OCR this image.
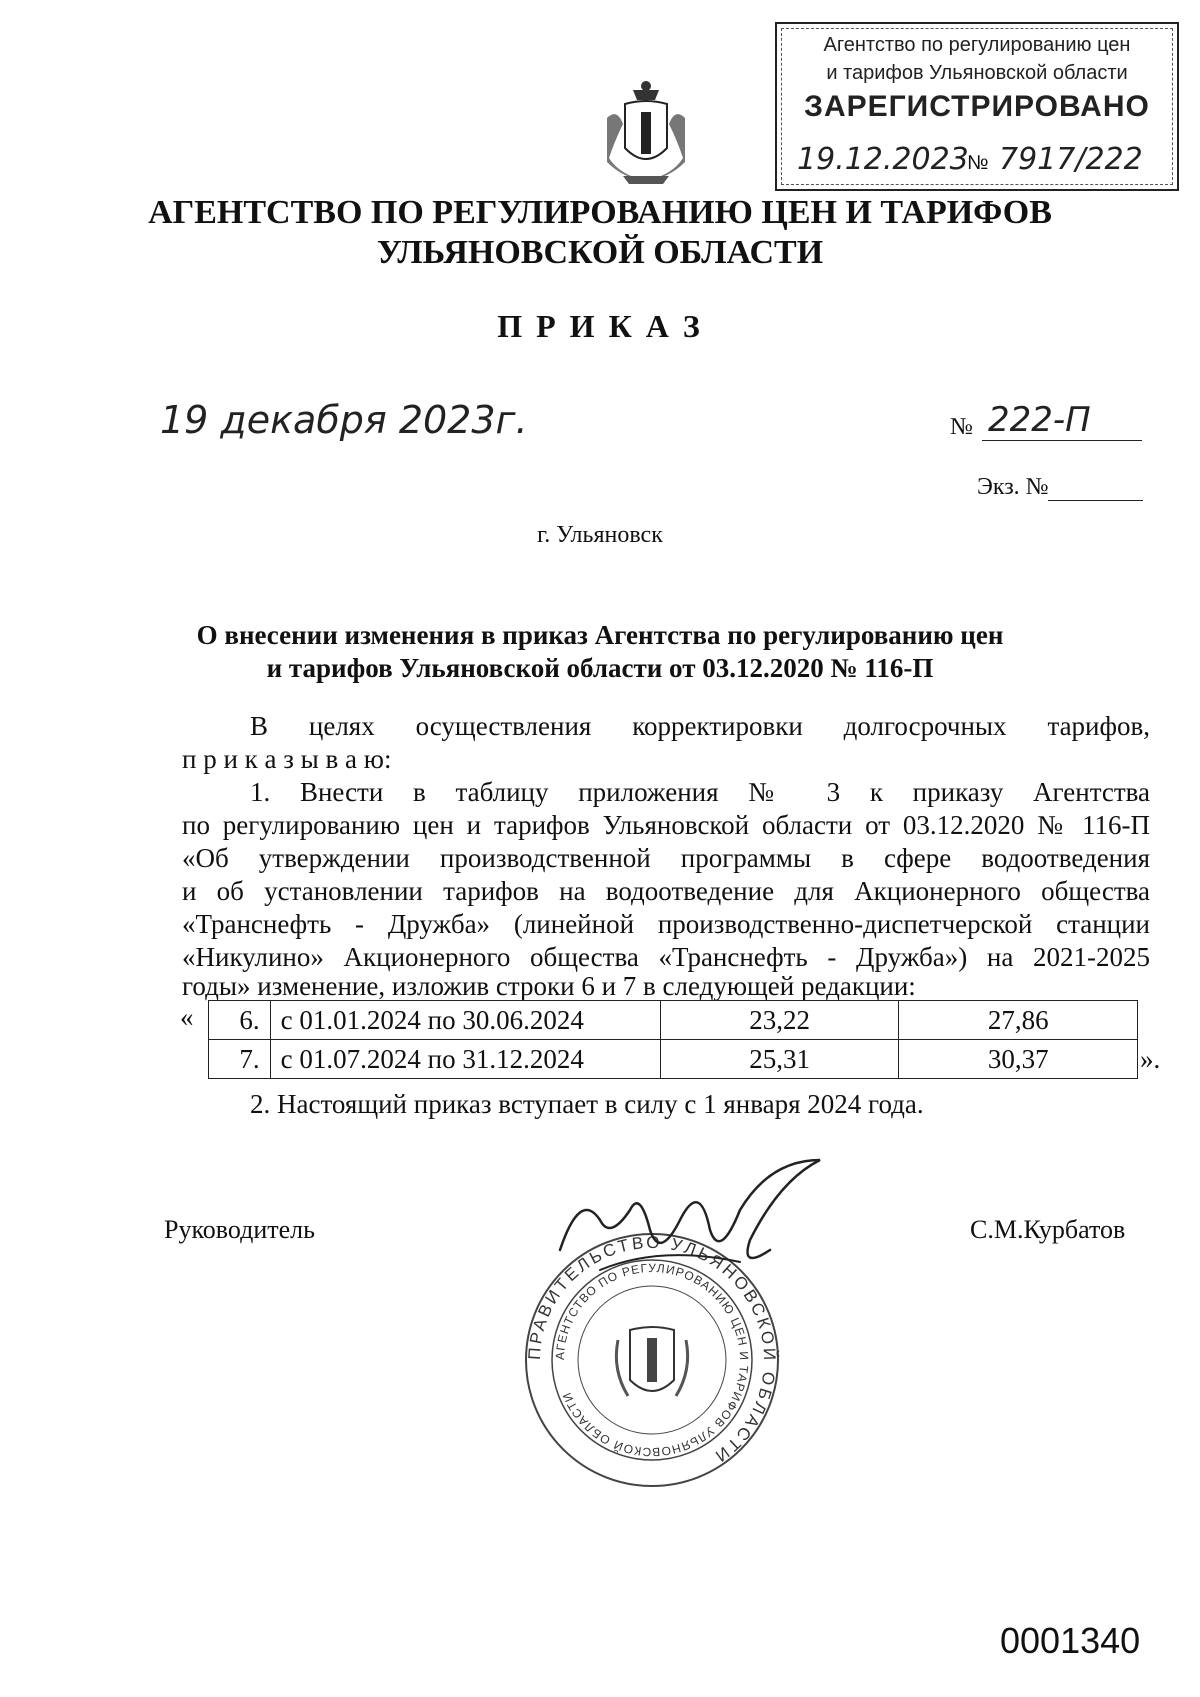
Агентство по регулированию цен
и тарифов Ульяновской области
ЗАРЕГИСТРИРОВАНО
19.12.2023
№ 7917/222
АГЕНТСТВО ПО РЕГУЛИРОВАНИЮ ЦЕН И ТАРИФОВ
УЛЬЯНОВСКОЙ ОБЛАСТИ
П Р И К А З
19 декабря 2023г.	№ 222-П
Экз. №
г. Ульяновск
О внесении изменения в приказ Агентства по регулированию цен
и тарифов Ульяновской области от 03.12.2020 № 116-П
В целях осуществления корректировки долгосрочных тарифов,
п р и к а з ы в а ю:
1. Внести в таблицу приложения № 3 к приказу Агентства
по регулированию цен и тарифов Ульяновской области от 03.12.2020 № 116-П
«Об утверждении производственной программы в сфере водоотведения
и об установлении тарифов на водоотведение для Акционерного общества
«Транснефть - Дружба» (линейной производственно-диспетчерской станции
«Никулино» Акционерного общества «Транснефть - Дружба») на 2021-2025
годы» изменение, изложив строки 6 и 7 в следующей редакции:
« 6.	с 01.01.2024 по 30.06.2024	23,22	27,86
7.	с 01.07.2024 по 31.12.2024	25,31	30,37	».
2. Настоящий приказ вступает в силу с 1 января 2024 года.
Руководитель	С.М.Курбатов
ПРАВИТЕЛЬСТВО УЛЬЯНОВСКОЙ ОБЛАСТИ
АГЕНТСТВО ПО РЕГУЛИРОВАНИЮ ЦЕН И ТАРИФОВ УЛЬЯНОВСКОЙ ОБЛАСТИ
0001340
